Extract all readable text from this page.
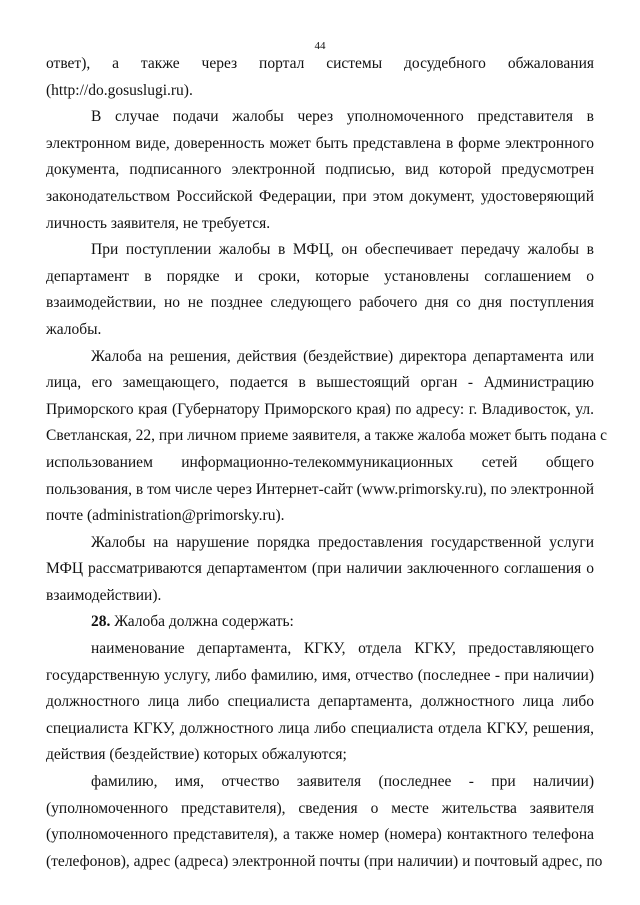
44
ответ), а также через портал системы досудебного обжалования
(http://do.gosuslugi.ru).
В случае подачи жалобы через уполномоченного представителя в
электронном виде, доверенность может быть представлена в форме электронного
документа, подписанного электронной подписью, вид которой предусмотрен
законодательством Российской Федерации, при этом документ, удостоверяющий
личность заявителя, не требуется.
При поступлении жалобы в МФЦ, он обеспечивает передачу жалобы в
департамент в порядке и сроки, которые установлены соглашением о
взаимодействии, но не позднее следующего рабочего дня со дня поступления
жалобы.
Жалоба на решения, действия (бездействие) директора департамента или
лица, его замещающего, подается в вышестоящий орган - Администрацию
Приморского края (Губернатору Приморского края) по адресу: г. Владивосток, ул.
Светланская, 22, при личном приеме заявителя, а также жалоба может быть подана с
использованием информационно-телекоммуникационных сетей общего
пользования, в том числе через Интернет-сайт (www.primorsky.ru), по электронной
почте (administration@primorsky.ru).
Жалобы на нарушение порядка предоставления государственной услуги
МФЦ рассматриваются департаментом (при наличии заключенного соглашения о
взаимодействии).
28. Жалоба должна содержать:
наименование департамента, КГКУ, отдела КГКУ, предоставляющего
государственную услугу, либо фамилию, имя, отчество (последнее - при наличии)
должностного лица либо специалиста департамента, должностного лица либо
специалиста КГКУ, должностного лица либо специалиста отдела КГКУ, решения,
действия (бездействие) которых обжалуются;
фамилию, имя, отчество заявителя (последнее - при наличии)
(уполномоченного представителя), сведения о месте жительства заявителя
(уполномоченного представителя), а также номер (номера) контактного телефона
(телефонов), адрес (адреса) электронной почты (при наличии) и почтовый адрес, по
